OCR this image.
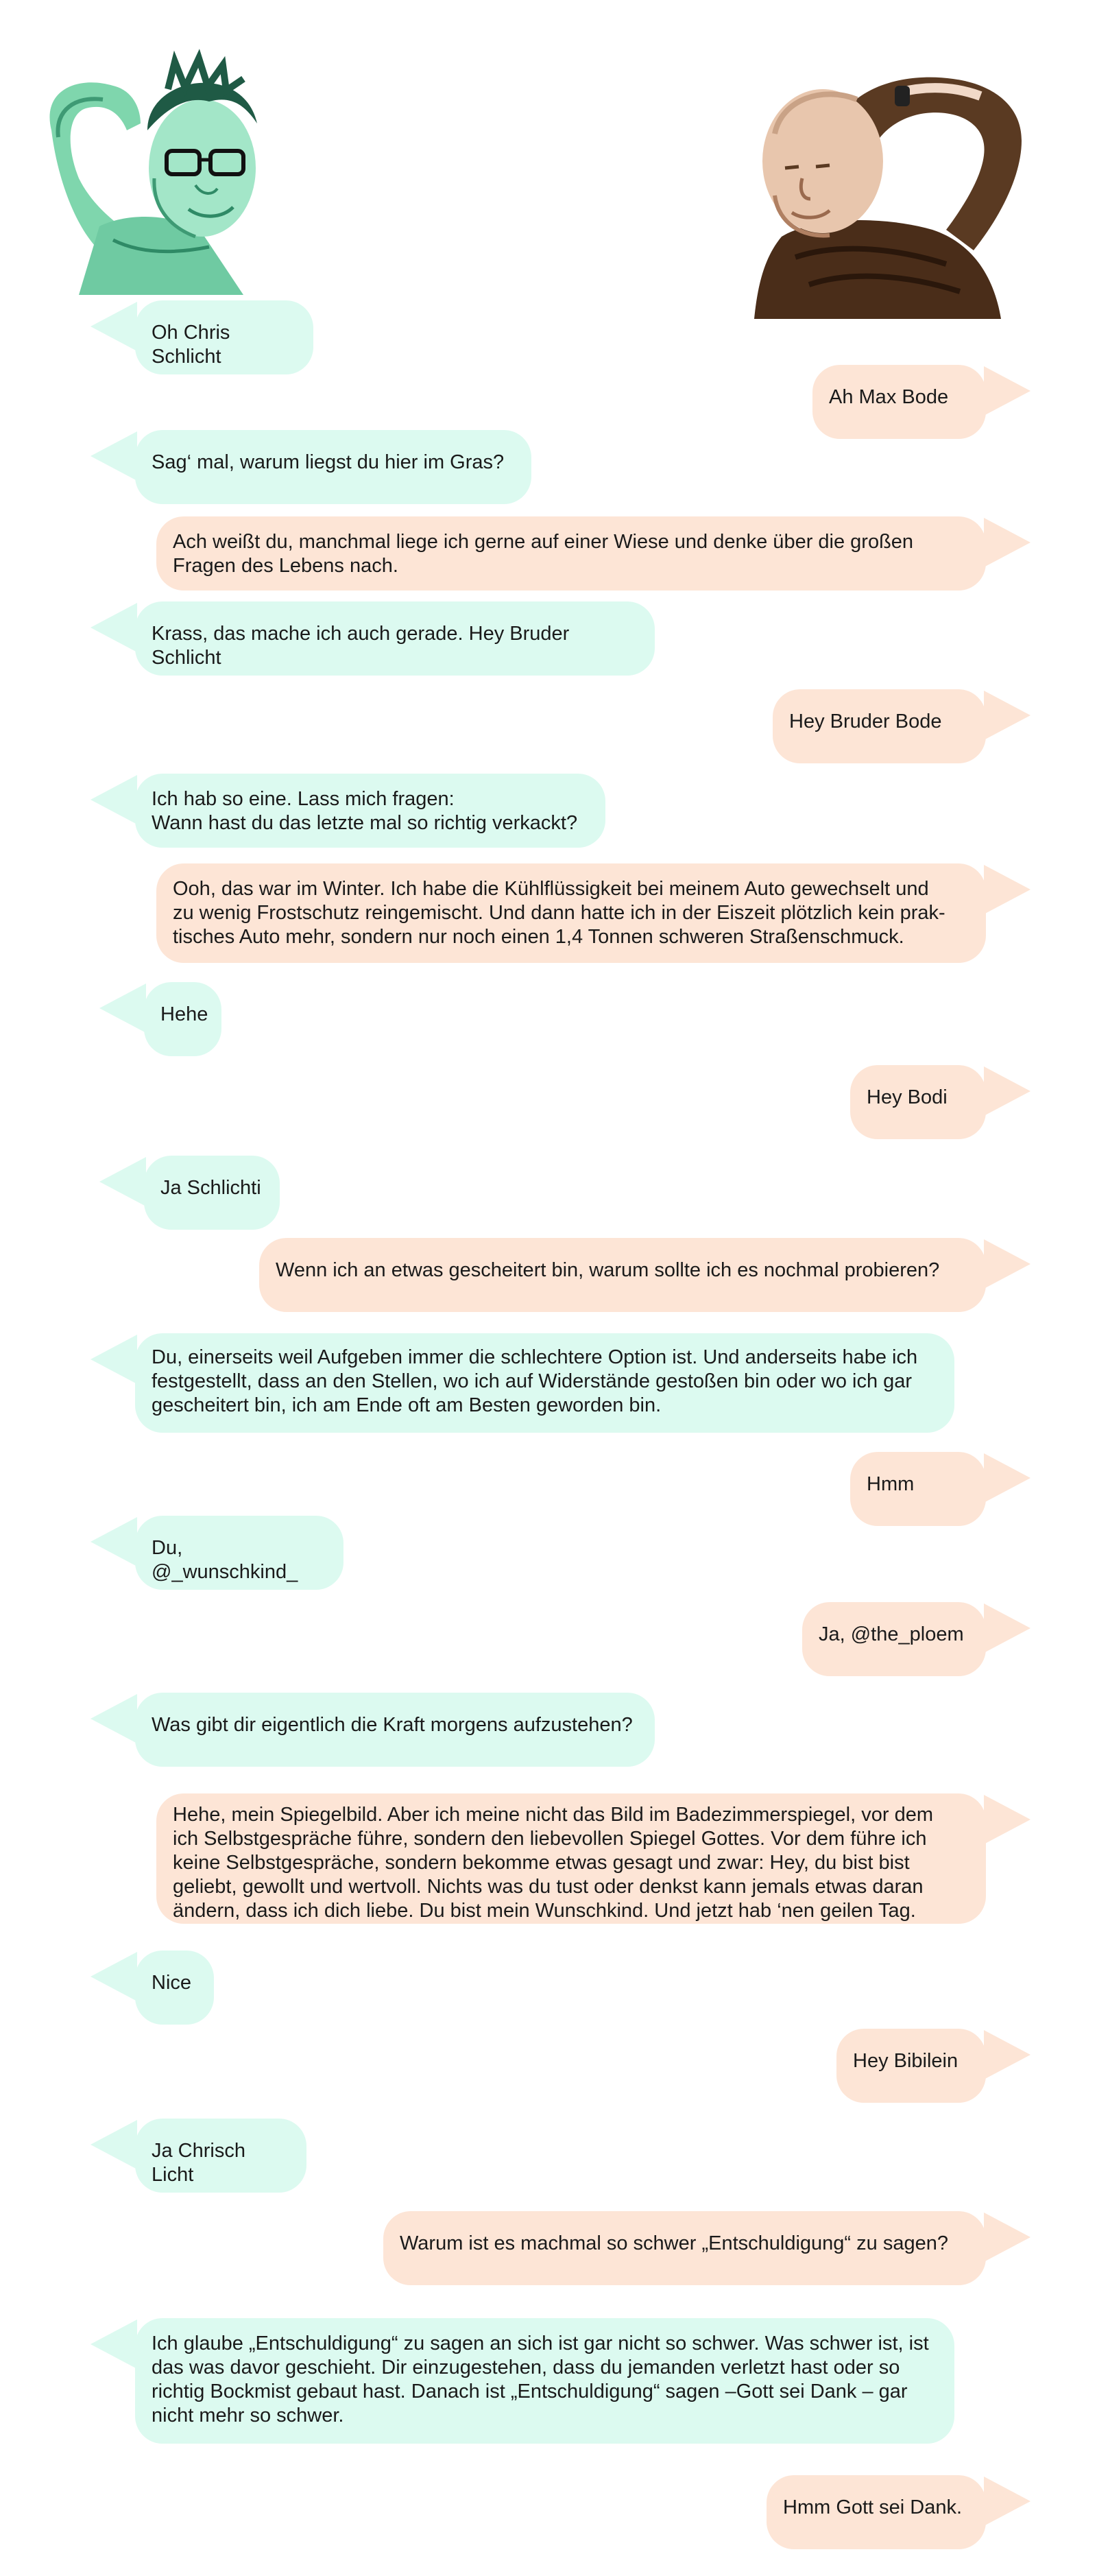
Oh Chris Schlicht
Ah Max Bode
Sag‘ mal, warum liegst du hier im Gras?
Ach weißt du, manchmal liege ich gerne auf einer Wiese und denke über die großen
Fragen des Lebens nach.
Krass, das mache ich auch gerade. Hey Bruder Schlicht
Hey Bruder Bode
Ich hab so eine. Lass mich fragen:
Wann hast du das letzte mal so richtig verkackt?
Ooh, das war im Winter. Ich habe die Kühlflüssigkeit bei meinem Auto gewechselt und
zu wenig Frostschutz reingemischt. Und dann hatte ich in der Eiszeit plötzlich kein prak-
tisches Auto mehr, sondern nur noch einen 1,4 Tonnen schweren Straßenschmuck.
Hehe
Hey Bodi
Ja Schlichti
Wenn ich an etwas gescheitert bin, warum sollte ich es nochmal probieren?
Du, einerseits weil Aufgeben immer die schlechtere Option ist. Und anderseits habe ich
festgestellt, dass an den Stellen, wo ich auf Widerstände gestoßen bin oder wo ich gar
gescheitert bin, ich am Ende oft am Besten geworden bin.
Hmm
Du, @_wunschkind_
Ja, @the_ploem
Was gibt dir eigentlich die Kraft morgens aufzustehen?
Hehe, mein Spiegelbild. Aber ich meine nicht das Bild im Badezimmerspiegel, vor dem
ich Selbstgespräche führe, sondern den liebevollen Spiegel Gottes. Vor dem führe ich
keine Selbstgespräche, sondern bekomme etwas gesagt und zwar: Hey, du bist bist
geliebt, gewollt und wertvoll. Nichts was du tust oder denkst kann jemals etwas daran
ändern, dass ich dich liebe. Du bist mein Wunschkind. Und jetzt hab ‘nen geilen Tag.
Nice
Hey Bibilein
Ja Chrisch Licht
Warum ist es machmal so schwer „Entschuldigung“ zu sagen?
Ich glaube „Entschuldigung“ zu sagen an sich ist gar nicht so schwer. Was schwer ist, ist
das was davor geschieht. Dir einzugestehen, dass du jemanden verletzt hast oder so
richtig Bockmist gebaut hast. Danach ist „Entschuldigung“ sagen –Gott sei Dank – gar
nicht mehr so schwer.
Hmm Gott sei Dank.
